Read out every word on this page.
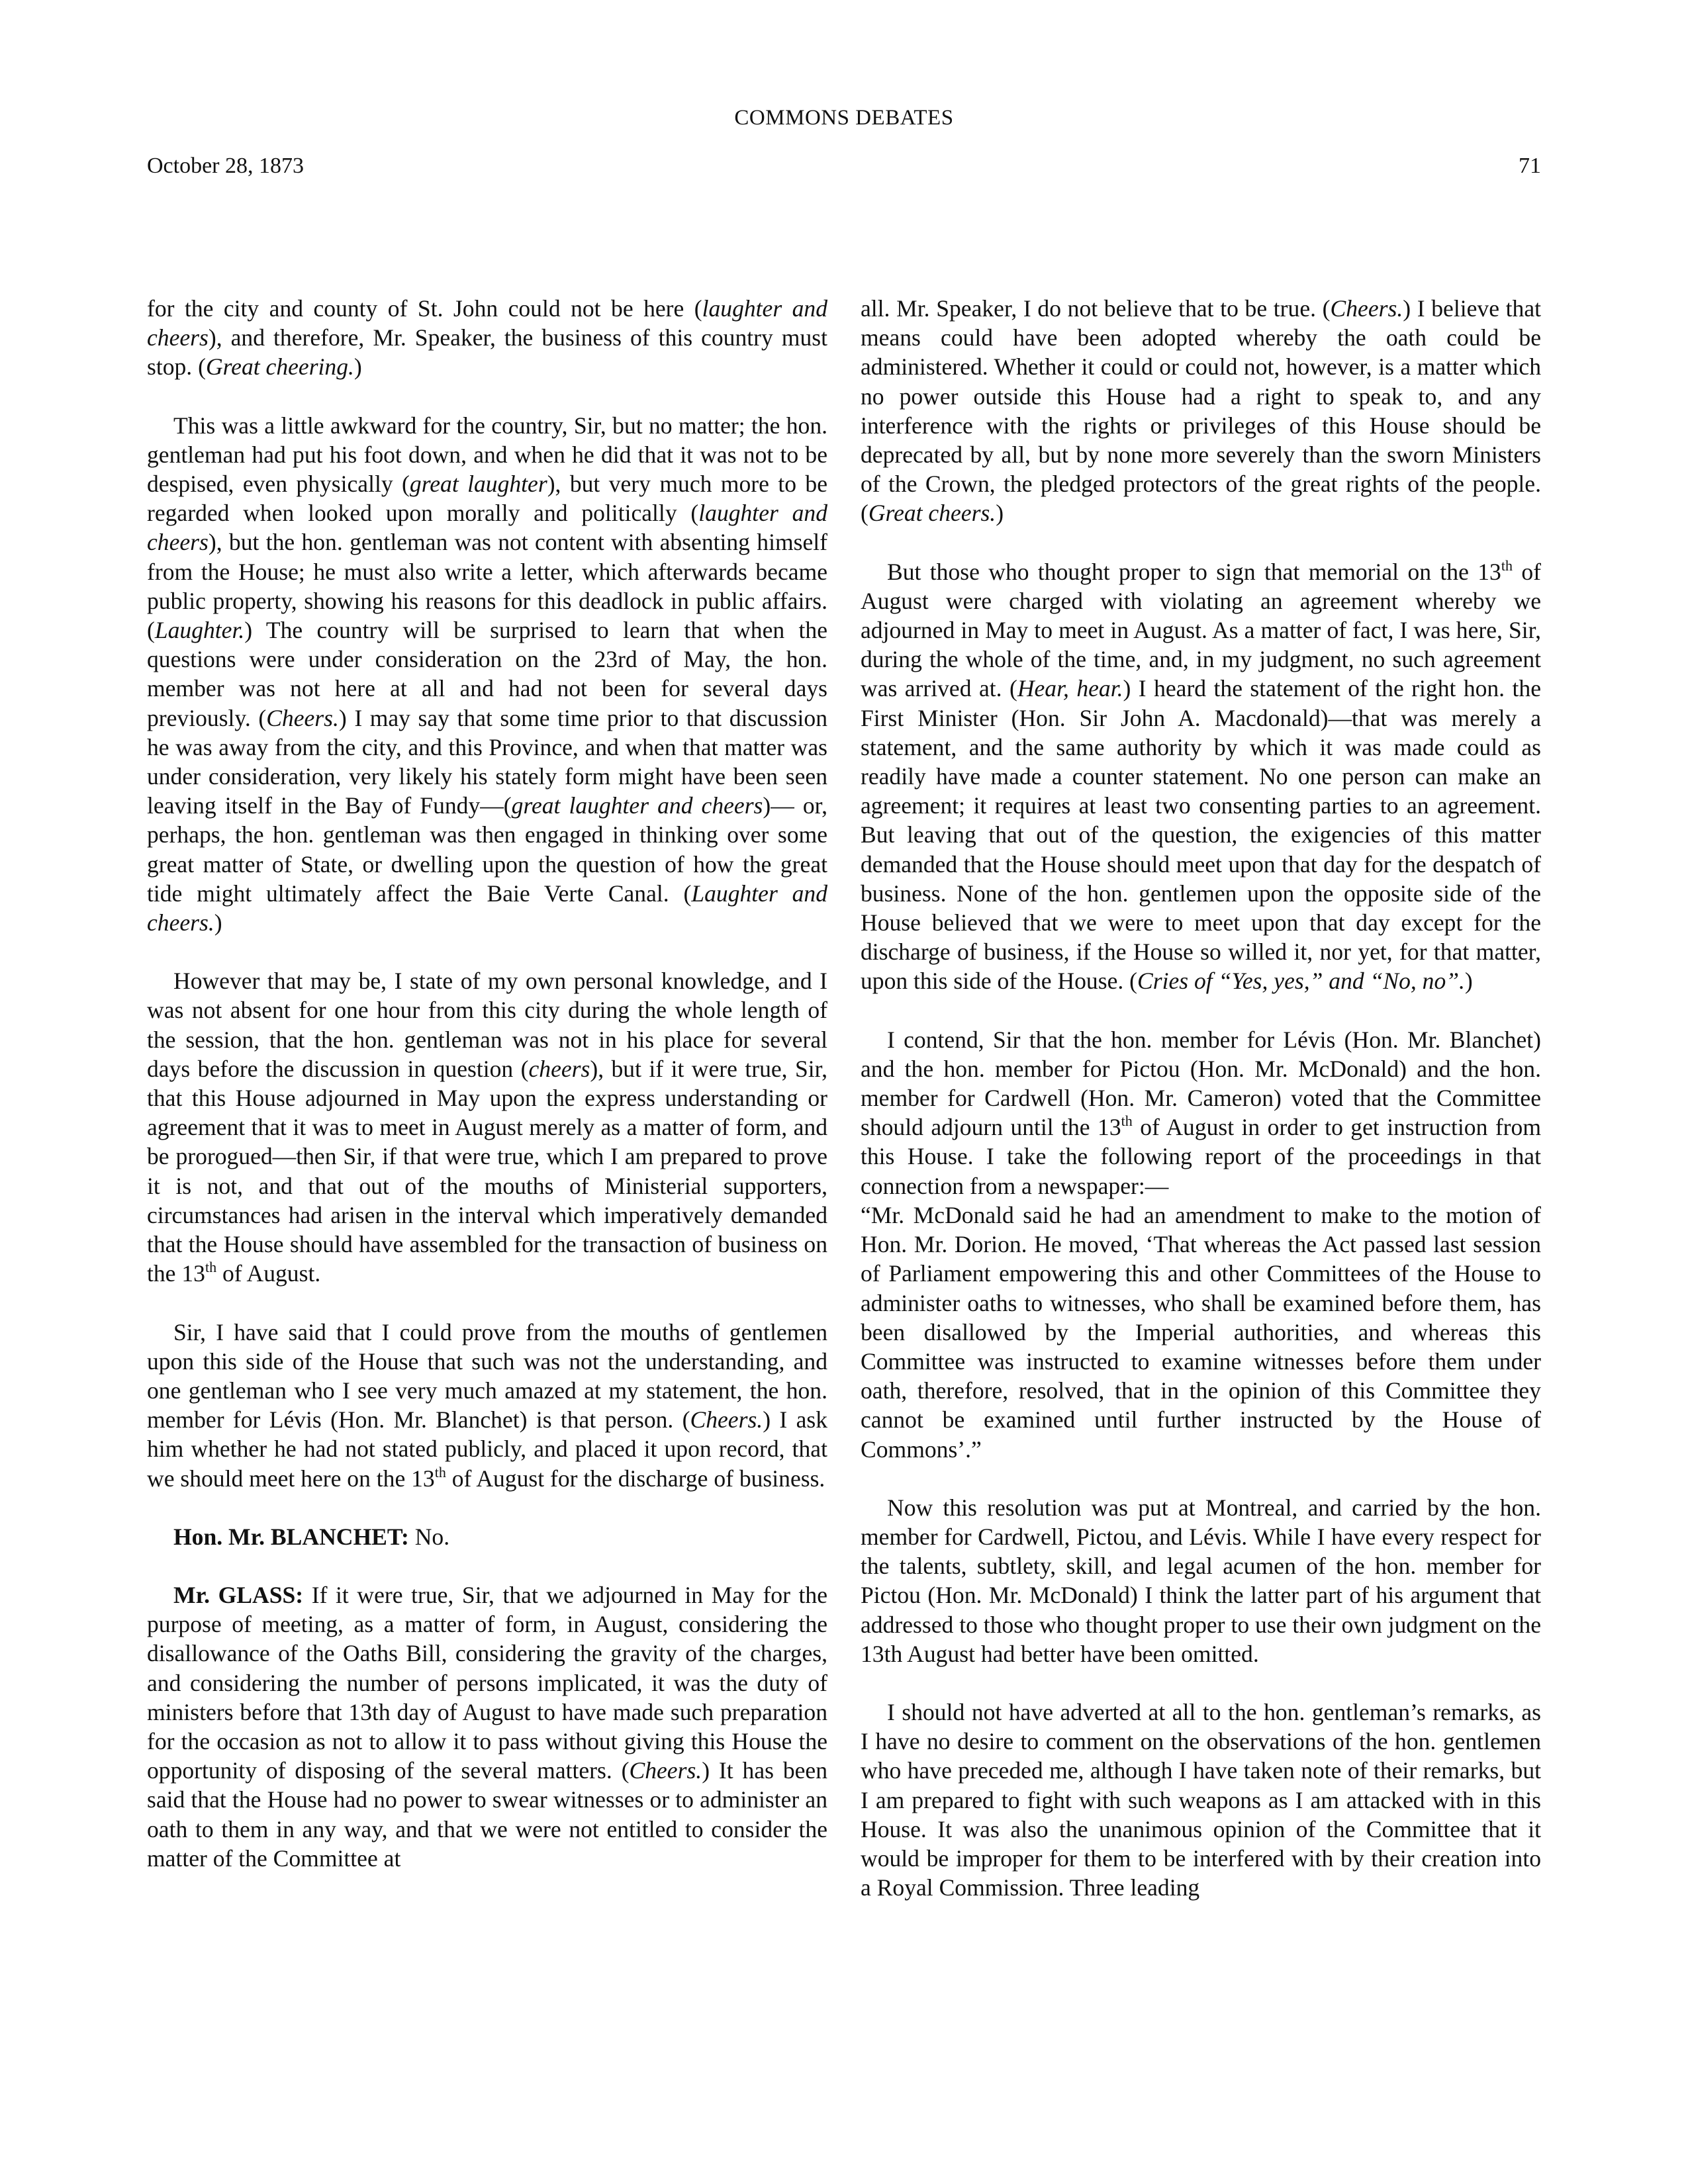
COMMONS DEBATES
October 28, 1873	71

for the city and county of St. John could not be here (laughter and cheers), and therefore, Mr. Speaker, the business of this country must stop. (Great cheering.)

This was a little awkward for the country, Sir, but no matter; the hon. gentleman had put his foot down, and when he did that it was not to be despised, even physically (great laughter), but very much more to be regarded when looked upon morally and politically (laughter and cheers), but the hon. gentleman was not content with absenting himself from the House; he must also write a letter, which afterwards became public property, showing his reasons for this deadlock in public affairs. (Laughter.) The country will be surprised to learn that when the questions were under consideration on the 23rd of May, the hon. member was not here at all and had not been for several days previously. (Cheers.) I may say that some time prior to that discussion he was away from the city, and this Province, and when that matter was under consideration, very likely his stately form might have been seen leaving itself in the Bay of Fundy—(great laughter and cheers)— or, perhaps, the hon. gentleman was then engaged in thinking over some great matter of State, or dwelling upon the question of how the great tide might ultimately affect the Baie Verte Canal. (Laughter and cheers.)

However that may be, I state of my own personal knowledge, and I was not absent for one hour from this city during the whole length of the session, that the hon. gentleman was not in his place for several days before the discussion in question (cheers), but if it were true, Sir, that this House adjourned in May upon the express understanding or agreement that it was to meet in August merely as a matter of form, and be prorogued—then Sir, if that were true, which I am prepared to prove it is not, and that out of the mouths of Ministerial supporters, circumstances had arisen in the interval which imperatively demanded that the House should have assembled for the transaction of business on the 13th of August.

Sir, I have said that I could prove from the mouths of gentlemen upon this side of the House that such was not the understanding, and one gentleman who I see very much amazed at my statement, the hon. member for Lévis (Hon. Mr. Blanchet) is that person. (Cheers.) I ask him whether he had not stated publicly, and placed it upon record, that we should meet here on the 13th of August for the discharge of business.

Hon. Mr. BLANCHET: No.

Mr. GLASS: If it were true, Sir, that we adjourned in May for the purpose of meeting, as a matter of form, in August, considering the disallowance of the Oaths Bill, considering the gravity of the charges, and considering the number of persons implicated, it was the duty of ministers before that 13th day of August to have made such preparation for the occasion as not to allow it to pass without giving this House the opportunity of disposing of the several matters. (Cheers.) It has been said that the House had no power to swear witnesses or to administer an oath to them in any way, and that we were not entitled to consider the matter of the Committee at

all. Mr. Speaker, I do not believe that to be true. (Cheers.) I believe that means could have been adopted whereby the oath could be administered. Whether it could or could not, however, is a matter which no power outside this House had a right to speak to, and any interference with the rights or privileges of this House should be deprecated by all, but by none more severely than the sworn Ministers of the Crown, the pledged protectors of the great rights of the people. (Great cheers.)

But those who thought proper to sign that memorial on the 13th of August were charged with violating an agreement whereby we adjourned in May to meet in August. As a matter of fact, I was here, Sir, during the whole of the time, and, in my judgment, no such agreement was arrived at. (Hear, hear.) I heard the statement of the right hon. the First Minister (Hon. Sir John A. Macdonald)—that was merely a statement, and the same authority by which it was made could as readily have made a counter statement. No one person can make an agreement; it requires at least two consenting parties to an agreement. But leaving that out of the question, the exigencies of this matter demanded that the House should meet upon that day for the despatch of business. None of the hon. gentlemen upon the opposite side of the House believed that we were to meet upon that day except for the discharge of business, if the House so willed it, nor yet, for that matter, upon this side of the House. (Cries of “Yes, yes,” and “No, no”.)

I contend, Sir that the hon. member for Lévis (Hon. Mr. Blanchet) and the hon. member for Pictou (Hon. Mr. McDonald) and the hon. member for Cardwell (Hon. Mr. Cameron) voted that the Committee should adjourn until the 13th of August in order to get instruction from this House. I take the following report of the proceedings in that connection from a newspaper:—
“Mr. McDonald said he had an amendment to make to the motion of Hon. Mr. Dorion. He moved, ‘That whereas the Act passed last session of Parliament empowering this and other Committees of the House to administer oaths to witnesses, who shall be examined before them, has been disallowed by the Imperial authorities, and whereas this Committee was instructed to examine witnesses before them under oath, therefore, resolved, that in the opinion of this Committee they cannot be examined until further instructed by the House of Commons’.”

Now this resolution was put at Montreal, and carried by the hon. member for Cardwell, Pictou, and Lévis. While I have every respect for the talents, subtlety, skill, and legal acumen of the hon. member for Pictou (Hon. Mr. McDonald) I think the latter part of his argument that addressed to those who thought proper to use their own judgment on the 13th August had better have been omitted.

I should not have adverted at all to the hon. gentleman’s remarks, as I have no desire to comment on the observations of the hon. gentlemen who have preceded me, although I have taken note of their remarks, but I am prepared to fight with such weapons as I am attacked with in this House. It was also the unanimous opinion of the Committee that it would be improper for them to be interfered with by their creation into a Royal Commission. Three leading
